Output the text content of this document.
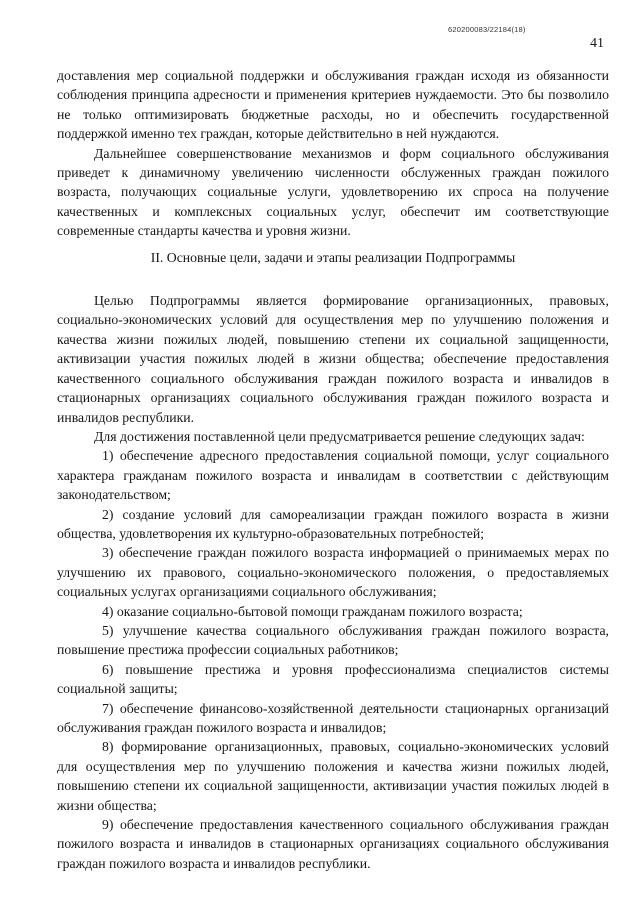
620200083/22184(18)
41

доставления мер социальной поддержки и обслуживания граждан исходя из обязанности соблюдения принципа адресности и применения критериев нуждаемости. Это бы позволило не только оптимизировать бюджетные расходы, но и обеспечить государственной поддержкой именно тех граждан, которые действительно в ней нуждаются.

Дальнейшее совершенствование механизмов и форм социального обслуживания приведет к динамичному увеличению численности обслуженных граждан пожилого возраста, получающих социальные услуги, удовлетворению их спроса на получение качественных и комплексных социальных услуг, обеспечит им соответствующие современные стандарты качества и уровня жизни.

II. Основные цели, задачи и этапы реализации Подпрограммы

Целью Подпрограммы является формирование организационных, правовых, социально-экономических условий для осуществления мер по улучшению положения и качества жизни пожилых людей, повышению степени их социальной защищенности, активизации участия пожилых людей в жизни общества; обеспечение предоставления качественного социального обслуживания граждан пожилого возраста и инвалидов в стационарных организациях социального обслуживания граждан пожилого возраста и инвалидов республики.

Для достижения поставленной цели предусматривается решение следующих задач:

1) обеспечение адресного предоставления социальной помощи, услуг социального характера гражданам пожилого возраста и инвалидам в соответствии с действующим законодательством;

2) создание условий для самореализации граждан пожилого возраста в жизни общества, удовлетворения их культурно-образовательных потребностей;

3) обеспечение граждан пожилого возраста информацией о принимаемых мерах по улучшению их правового, социально-экономического положения, о предоставляемых социальных услугах организациями социального обслуживания;

4) оказание социально-бытовой помощи гражданам пожилого возраста;

5) улучшение качества социального обслуживания граждан пожилого возраста, повышение престижа профессии социальных работников;

6) повышение престижа и уровня профессионализма специалистов системы социальной защиты;

7) обеспечение финансово-хозяйственной деятельности стационарных организаций обслуживания граждан пожилого возраста и инвалидов;

8) формирование организационных, правовых, социально-экономических условий для осуществления мер по улучшению положения и качества жизни пожилых людей, повышению степени их социальной защищенности, активизации участия пожилых людей в жизни общества;

9) обеспечение предоставления качественного социального обслуживания граждан пожилого возраста и инвалидов в стационарных организациях социального обслуживания граждан пожилого возраста и инвалидов республики.
